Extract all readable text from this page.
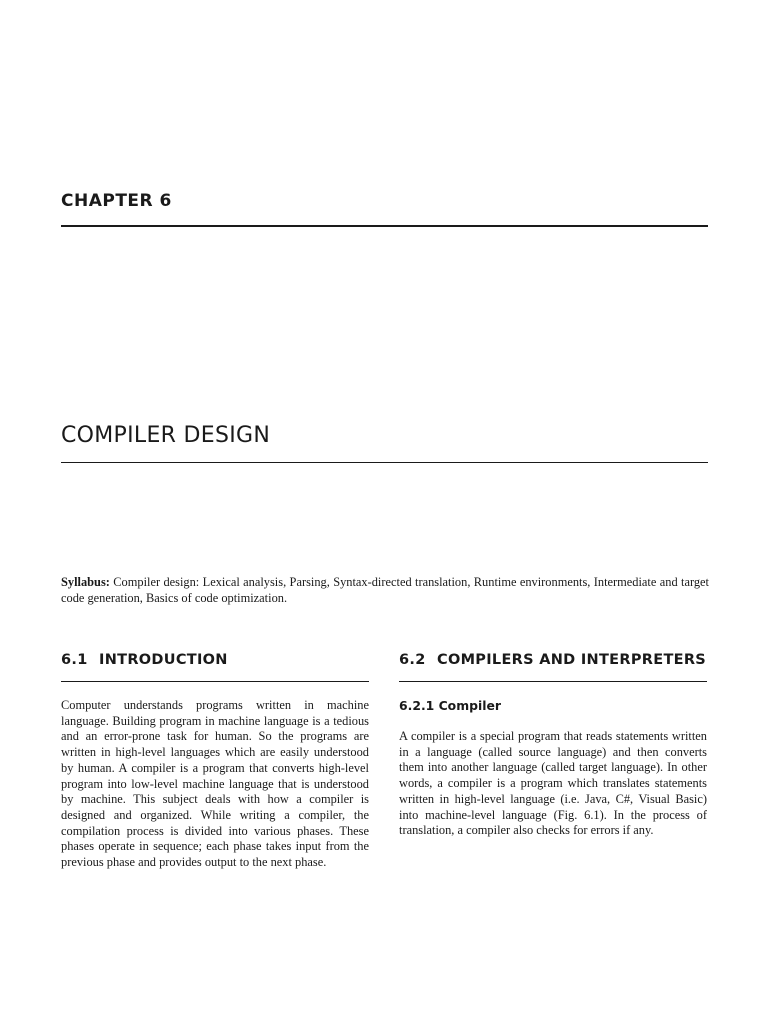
CHAPTER 6
COMPILER DESIGN
Syllabus: Compiler design: Lexical analysis, Parsing, Syntax-directed translation, Runtime environments, Intermediate and target code generation, Basics of code optimization.
6.1 INTRODUCTION
Computer understands programs written in machine language. Building program in machine language is a tedious and an error-prone task for human. So the programs are written in high-level languages which are easily understood by human. A compiler is a program that converts high-level program into low-level machine language that is understood by machine. This subject deals with how a compiler is designed and organized. While writing a compiler, the compilation process is divided into various phases. These phases operate in sequence; each phase takes input from the previous phase and provides output to the next phase.
6.2 COMPILERS AND INTERPRETERS
6.2.1 Compiler
A compiler is a special program that reads statements written in a language (called source language) and then converts them into another language (called target language). In other words, a compiler is a program which translates statements written in high-level language (i.e. Java, C#, Visual Basic) into machine-level language (Fig. 6.1). In the process of translation, a compiler also checks for errors if any.
